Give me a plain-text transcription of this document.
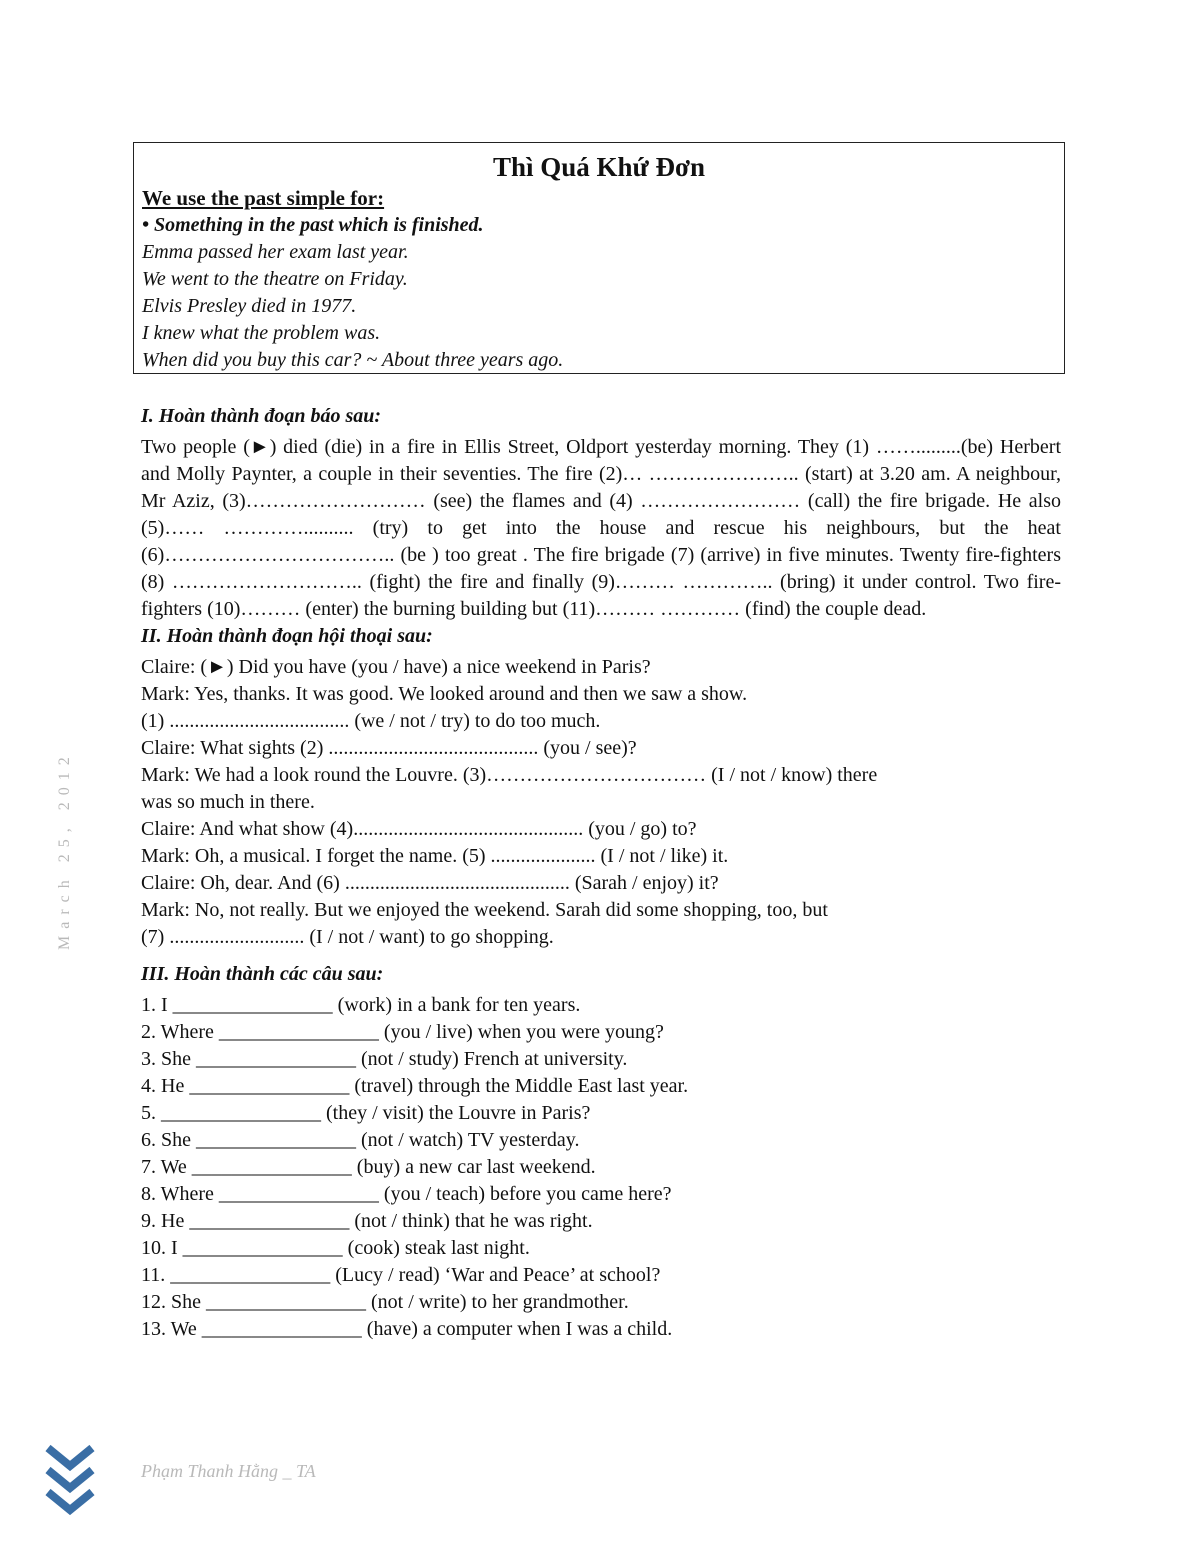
Thì Quá Khứ Đơn

We use the past simple for:

• Something in the past which is finished.

Emma passed her exam last year.

We went to the theatre on Friday.

Elvis Presley died in 1977.

I knew what the problem was.

When did you buy this car? ~ About three years ago.

I. Hoàn thành đoạn báo sau:

Two people (►) died (die) in a fire in Ellis Street, Oldport yesterday morning. They (1) …….........(be) Herbert and Molly Paynter, a couple in their seventies. The fire (2)… ………………….. (start) at 3.20 am. A neighbour, Mr Aziz, (3)……………………… (see) the flames and (4) …………………… (call) the fire brigade. He also (5)…… ………….......... (try) to get into the house and rescue his neighbours, but the heat (6)…………………………….. (be ) too great . The fire brigade (7) (arrive) in five minutes. Twenty fire-fighters (8) ……………………….. (fight) the fire and finally (9)……… ………….. (bring) it under control. Two fire-fighters (10)……… (enter) the burning building but (11)……… ………… (find) the couple dead.

II. Hoàn thành đoạn hội thoại sau:

Claire: (►) Did you have (you / have) a nice weekend in Paris?

Mark: Yes, thanks. It was good. We looked around and then we saw a show.

(1) .................................... (we / not / try) to do too much.

Claire: What sights (2) .......................................... (you / see)?

Mark: We had a look round the Louvre. (3)…………………………… (I / not / know) there

was so much in there.

Claire: And what show (4).............................................. (you / go) to?

Mark: Oh, a musical. I forget the name. (5) ..................... (I / not / like) it.

Claire: Oh, dear. And (6) ............................................. (Sarah / enjoy) it?

Mark: No, not really. But we enjoyed the weekend. Sarah did some shopping, too, but

(7) ........................... (I / not / want) to go shopping.

III. Hoàn thành các câu sau:

1. I ________________ (work) in a bank for ten years.

2. Where ________________ (you / live) when you were young?

3. She ________________ (not / study) French at university.

4. He ________________ (travel) through the Middle East last year.

5. ________________ (they / visit) the Louvre in Paris?

6. She ________________ (not / watch) TV yesterday.

7. We ________________ (buy) a new car last weekend.

8. Where ________________ (you / teach) before you came here?

9. He ________________ (not / think) that he was right.

10. I ________________ (cook) steak last night.

11. ________________ (Lucy / read) ‘War and Peace’ at school?

12. She ________________ (not / write) to her grandmother.

13. We ________________ (have) a computer when I was a child.

March 25, 2012
Phạm Thanh Hằng _ TA
